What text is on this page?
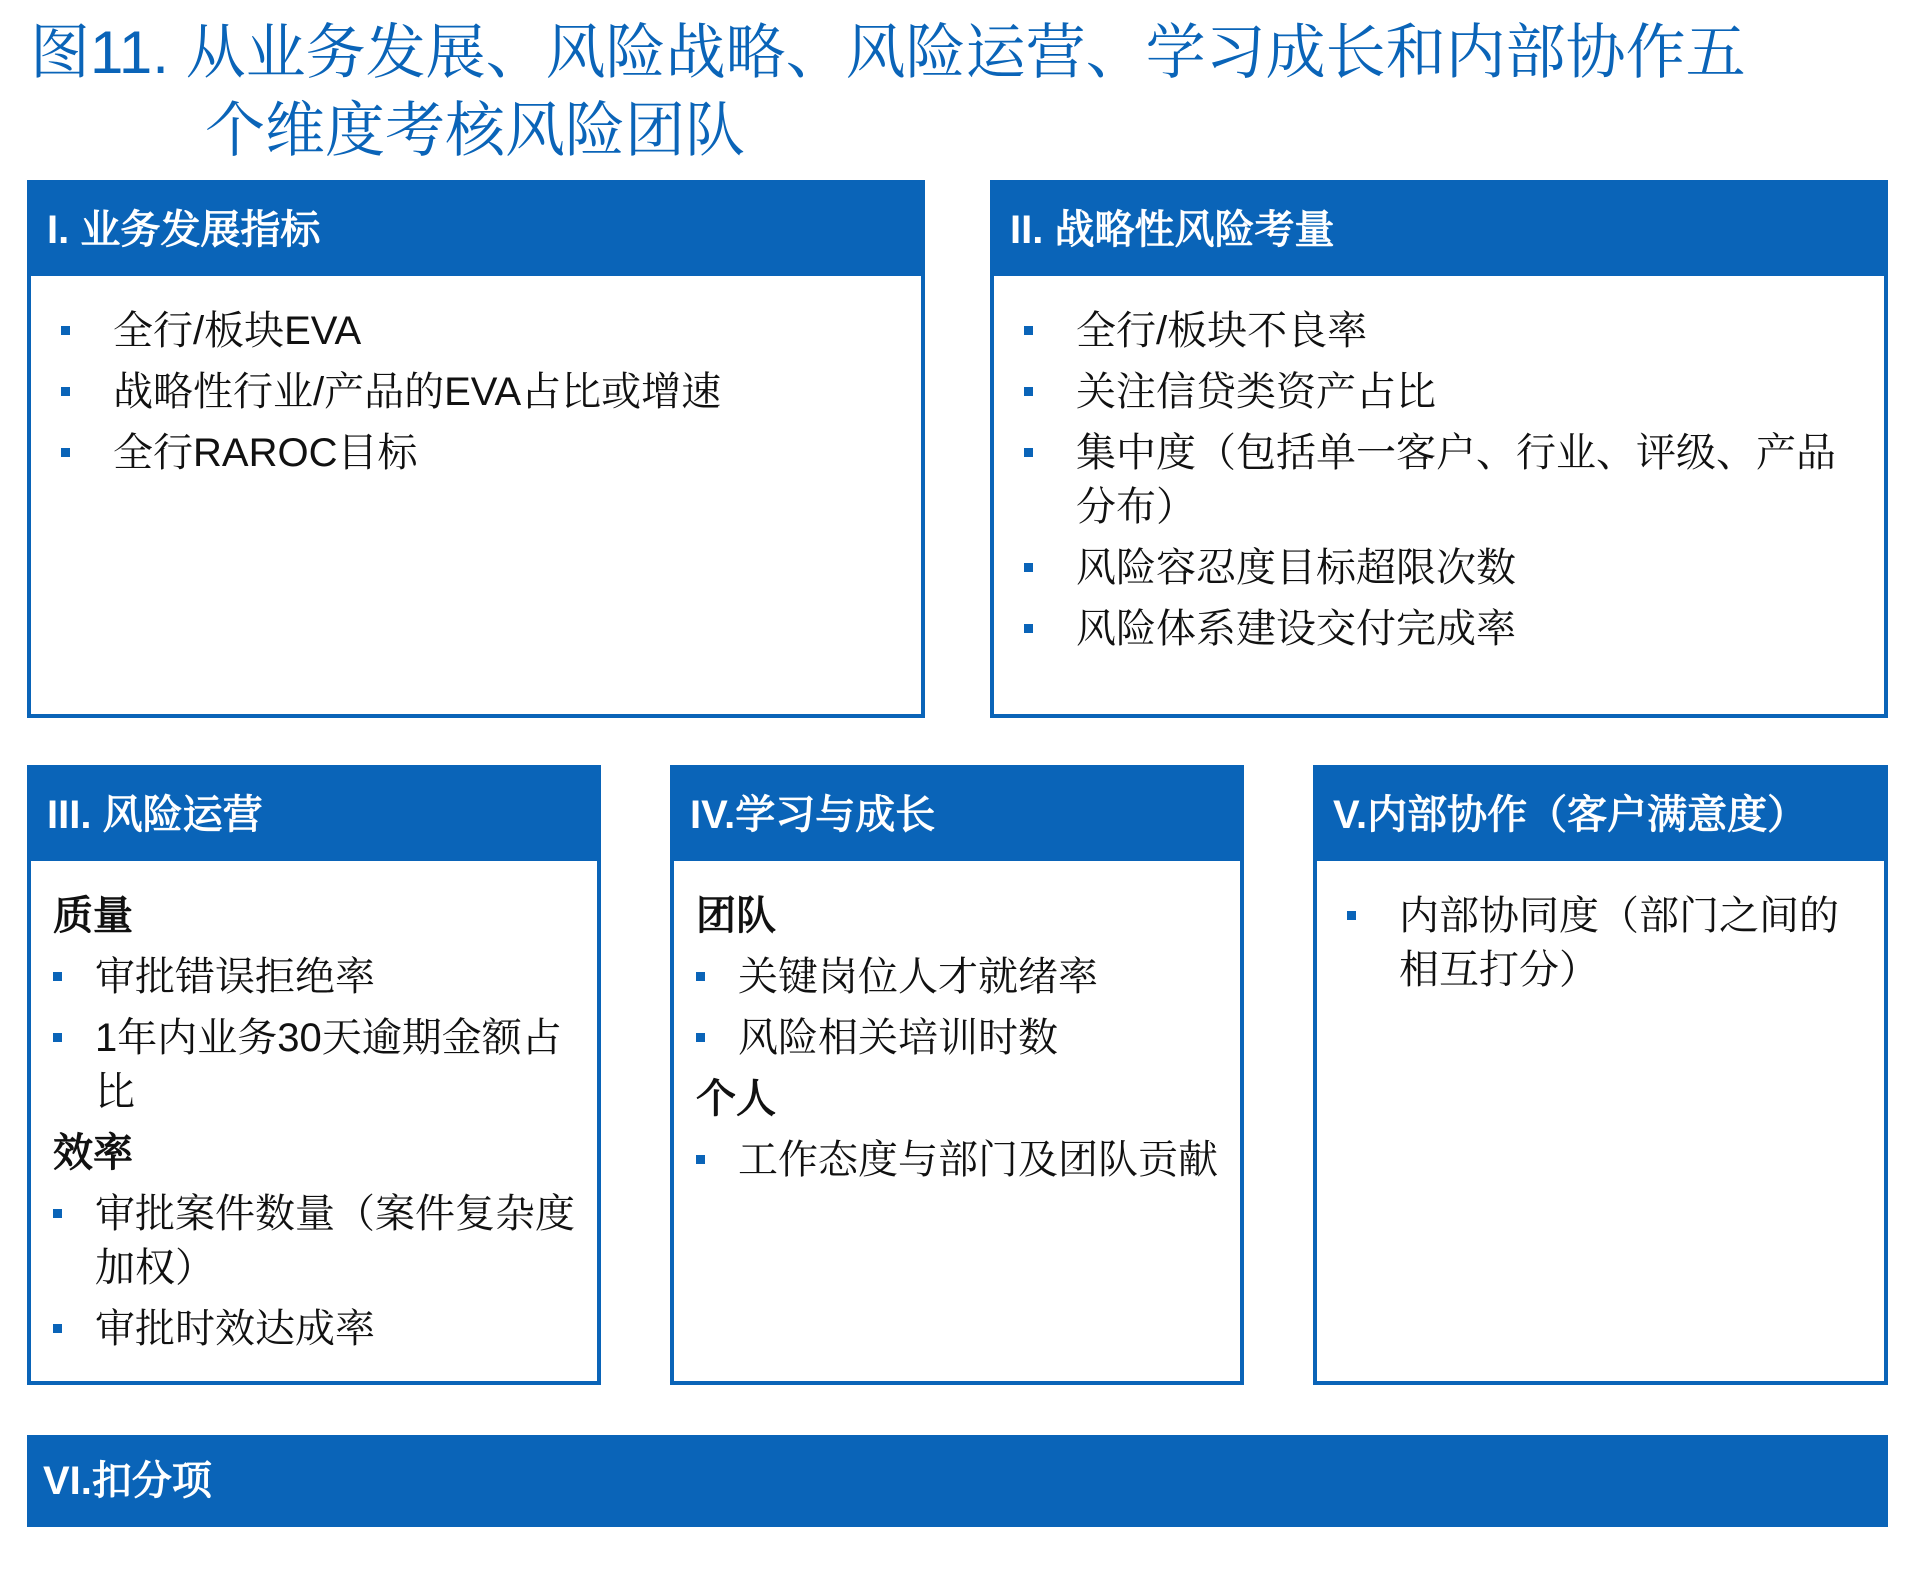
图11. 从业务发展、风险战略、风险运营、学习成长和内部协作五
个维度考核风险团队
I. 业务发展指标
全行/板块EVA
战略性行业/产品的EVA占比或增速
全行RAROC目标
II. 战略性风险考量
全行/板块不良率
关注信贷类资产占比
集中度（包括单一客户、行业、评级、产品分布）
风险容忍度目标超限次数
风险体系建设交付完成率
III. 风险运营
质量
审批错误拒绝率
1年内业务30天逾期金额占比
效率
审批案件数量（案件复杂度加权）
审批时效达成率
IV.学习与成长
团队
关键岗位人才就绪率
风险相关培训时数
个人
工作态度与部门及团队贡献
V.内部协作（客户满意度）
内部协同度（部门之间的相互打分）
VI.扣分项
